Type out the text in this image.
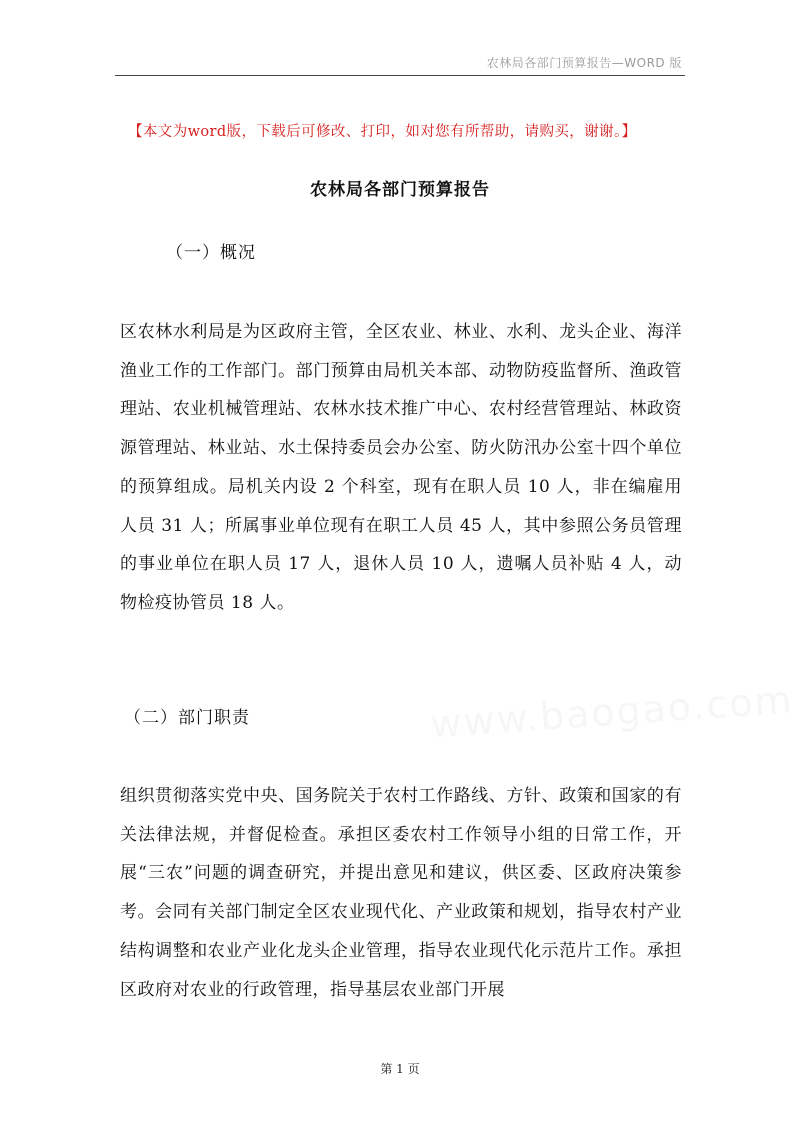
农林局各部门预算报告—WORD 版
【本文为word版，下载后可修改、打印，如对您有所帮助，请购买，谢谢。】
农林局各部门预算报告
（一）概况
区农林水利局是为区政府主管，全区农业、林业、水利、龙头企业、海洋渔业工作的工作部门。部门预算由局机关本部、动物防疫监督所、渔政管理站、农业机械管理站、农林水技术推广中心、农村经营管理站、林政资源管理站、林业站、水土保持委员会办公室、防火防汛办公室十四个单位的预算组成。局机关内设 2 个科室，现有在职人员 10 人，非在编雇用人员 31 人；所属事业单位现有在职工人员 45 人，其中参照公务员管理的事业单位在职人员 17 人，退休人员 10 人，遗嘱人员补贴 4 人，动物检疫协管员 18 人。
（二）部门职责
组织贯彻落实党中央、国务院关于农村工作路线、方针、政策和国家的有关法律法规，并督促检查。承担区委农村工作领导小组的日常工作，开展“三农”问题的调查研究，并提出意见和建议，供区委、区政府决策参考。会同有关部门制定全区农业现代化、产业政策和规划，指导农村产业结构调整和农业产业化龙头企业管理，指导农业现代化示范片工作。承担区政府对农业的行政管理，指导基层农业部门开展
第 1 页
